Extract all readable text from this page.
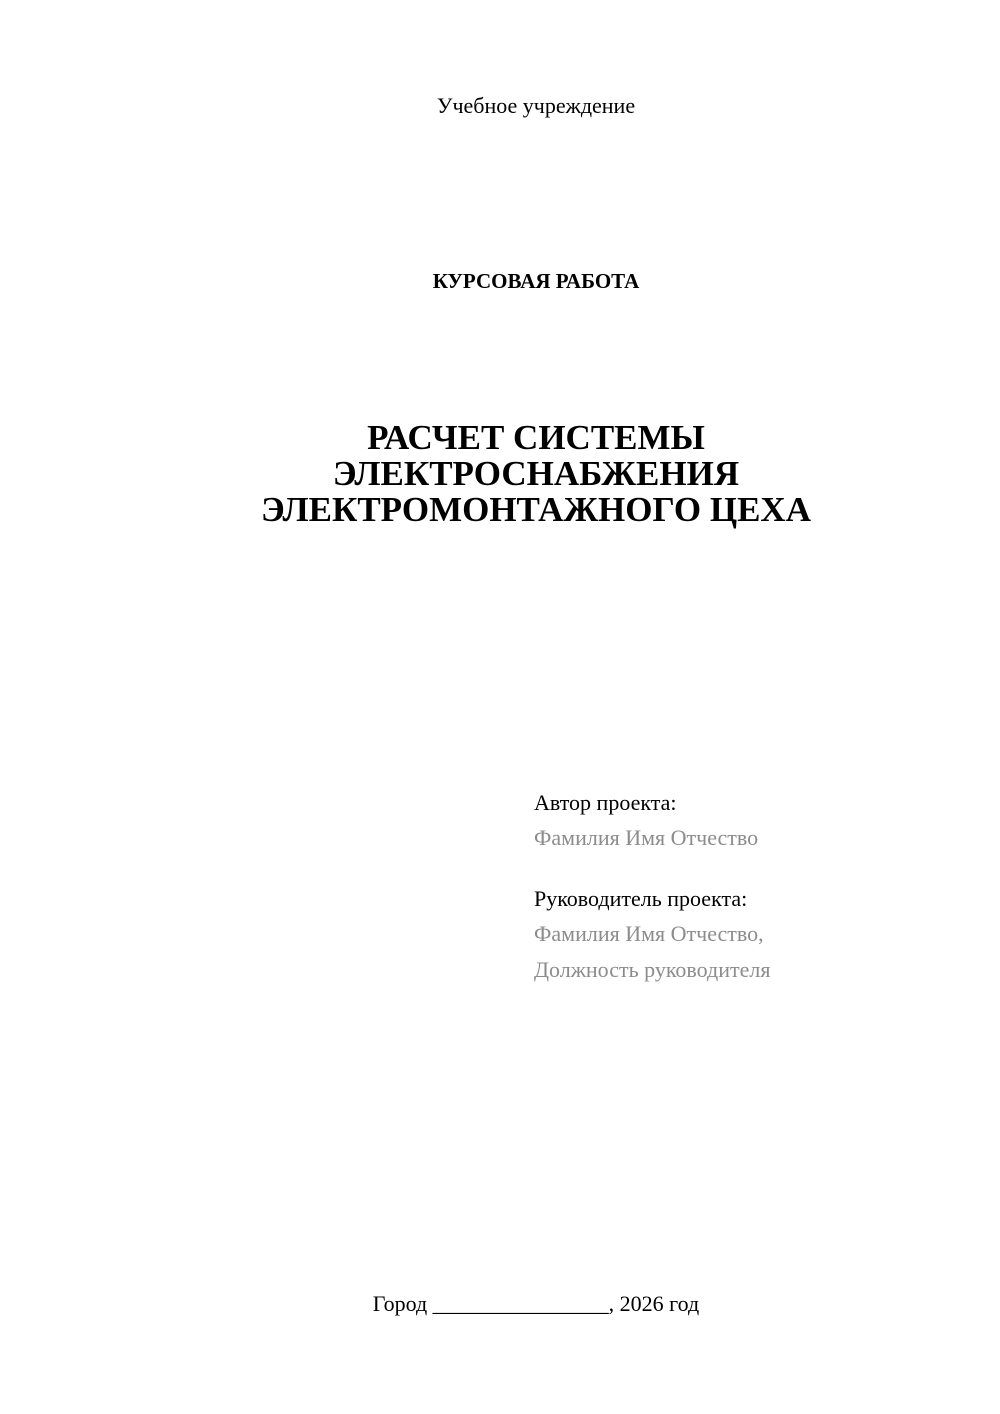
Учебное учреждение
КУРСОВАЯ РАБОТА
РАСЧЕТ СИСТЕМЫ
ЭЛЕКТРОСНАБЖЕНИЯ
ЭЛЕКТРОМОНТАЖНОГО ЦЕХА
Автор проекта:
Фамилия Имя Отчество
Руководитель проекта:
Фамилия Имя Отчество,
Должность руководителя
Город ________________, 2026 год
